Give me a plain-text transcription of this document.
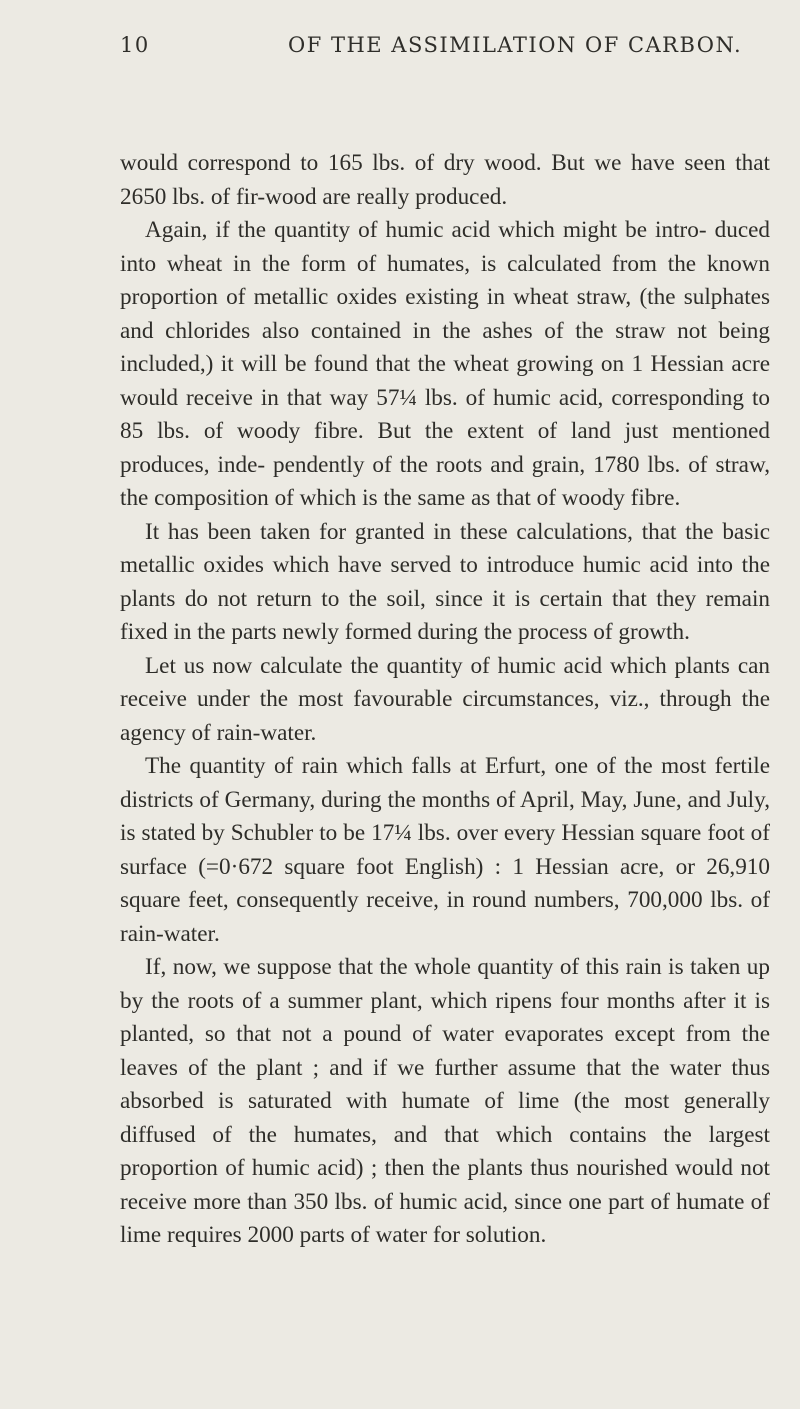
10	OF THE ASSIMILATION OF CARBON.

would correspond to 165 lbs. of dry wood. But we have seen that 2650 lbs. of fir-wood are really produced.

Again, if the quantity of humic acid which might be intro- duced into wheat in the form of humates, is calculated from the known proportion of metallic oxides existing in wheat straw, (the sulphates and chlorides also contained in the ashes of the straw not being included,) it will be found that the wheat growing on 1 Hessian acre would receive in that way 57¼ lbs. of humic acid, corresponding to 85 lbs. of woody fibre. But the extent of land just mentioned produces, inde- pendently of the roots and grain, 1780 lbs. of straw, the composition of which is the same as that of woody fibre.

It has been taken for granted in these calculations, that the basic metallic oxides which have served to introduce humic acid into the plants do not return to the soil, since it is certain that they remain fixed in the parts newly formed during the process of growth.

Let us now calculate the quantity of humic acid which plants can receive under the most favourable circumstances, viz., through the agency of rain-water.

The quantity of rain which falls at Erfurt, one of the most fertile districts of Germany, during the months of April, May, June, and July, is stated by Schubler to be 17¼ lbs. over every Hessian square foot of surface (=0·672 square foot English) : 1 Hessian acre, or 26,910 square feet, consequently receive, in round numbers, 700,000 lbs. of rain-water.

If, now, we suppose that the whole quantity of this rain is taken up by the roots of a summer plant, which ripens four months after it is planted, so that not a pound of water evaporates except from the leaves of the plant ; and if we further assume that the water thus absorbed is saturated with humate of lime (the most generally diffused of the humates, and that which contains the largest proportion of humic acid) ; then the plants thus nourished would not receive more than 350 lbs. of humic acid, since one part of humate of lime requires 2000 parts of water for solution.
